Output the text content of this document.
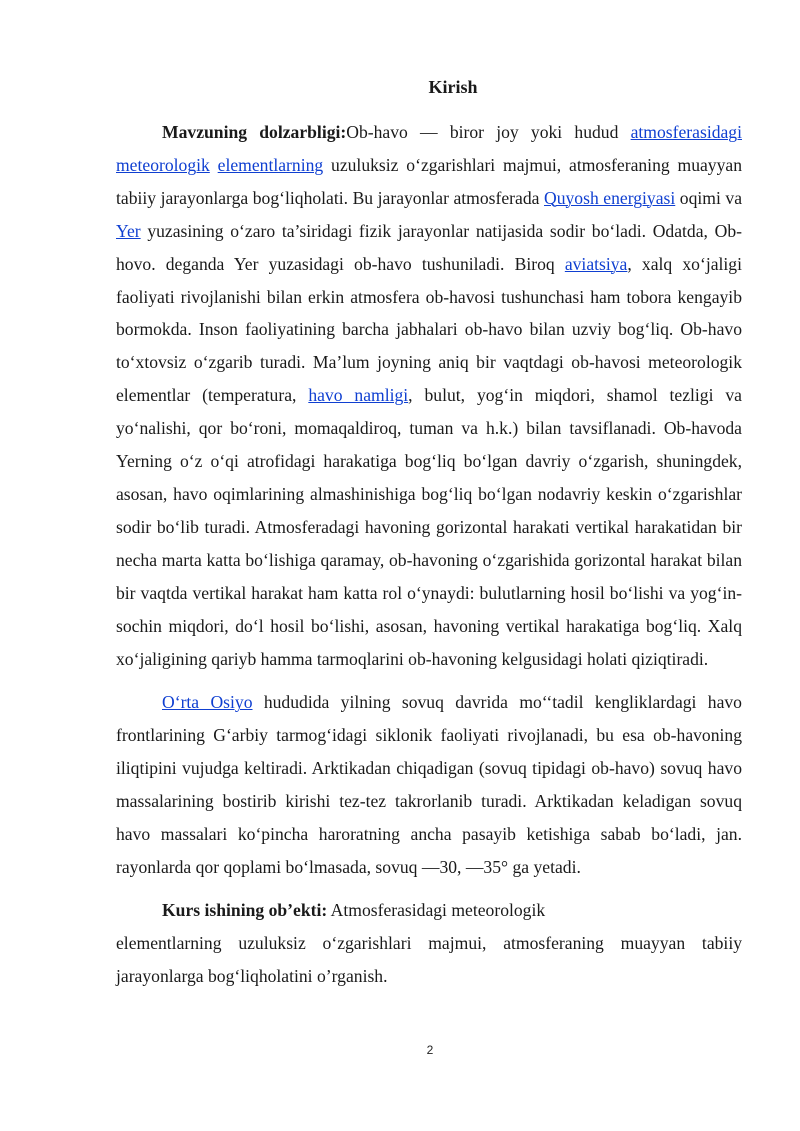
Kirish

Mavzuning dolzarbligi:Ob-havo — biror joy yoki hudud atmosferasidagi meteorologik elementlarning uzuluksiz o‘zgarishlari majmui, atmosferaning muayyan tabiiy jarayonlarga bog‘liqholati. Bu jarayonlar atmosferada Quyosh energiyasi oqimi va Yer yuzasining o‘zaro ta’siridagi fizik jarayonlar natijasida sodir bo‘ladi. Odatda, Ob-hovo. deganda Yer yuzasidagi ob-havo tushuniladi. Biroq aviatsiya, xalq xo‘jaligi faoliyati rivojlanishi bilan erkin atmosfera ob-havosi tushunchasi ham tobora kengayib bormokda. Inson faoliyatining barcha jabhalari ob-havo bilan uzviy bog‘liq. Ob-havo to‘xtovsiz o‘zgarib turadi. Ma’lum joyning aniq bir vaqtdagi ob-havosi meteorologik elementlar (temperatura, havo namligi, bulut, yog‘in miqdori, shamol tezligi va yo‘nalishi, qor bo‘roni, momaqaldiroq, tuman va h.k.) bilan tavsiflanadi. Ob-havoda Yerning o‘z o‘qi atrofidagi harakatiga bog‘liq bo‘lgan davriy o‘zgarish, shuningdek, asosan, havo oqimlarining almashinishiga bog‘liq bo‘lgan nodavriy keskin o‘zgarishlar sodir bo‘lib turadi. Atmosferadagi havoning gorizontal harakati vertikal harakatidan bir necha marta katta bo‘lishiga qaramay, ob-havoning o‘zgarishida gorizontal harakat bilan bir vaqtda vertikal harakat ham katta rol o‘ynaydi: bulutlarning hosil bo‘lishi va yog‘in-sochin miqdori, do‘l hosil bo‘lishi, asosan, havoning vertikal harakatiga bog‘liq. Xalq xo‘jaligining qariyb hamma tarmoqlarini ob-havoning kelgusidagi holati qiziqtiradi.

O‘rta Osiyo hududida yilning sovuq davrida mo‘‘tadil kengliklardagi havo frontlarining G‘arbiy tarmog‘idagi siklonik faoliyati rivojlanadi, bu esa ob-havoning iliqtipini vujudga keltiradi. Arktikadan chiqadigan (sovuq tipidagi ob-havo) sovuq havo massalarining bostirib kirishi tez-tez takrorlanib turadi. Arktikadan keladigan sovuq havo massalari ko‘pincha haroratning ancha pasayib ketishiga sabab bo‘ladi, jan. rayonlarda qor qoplami bo‘lmasada, sovuq —30, —35° ga yetadi.

Kurs ishining ob’ekti: Atmosferasidagi meteorologik
elementlarning uzuluksiz o‘zgarishlari majmui, atmosferaning muayyan tabiiy jarayonlarga bog‘liqholatini o’rganish.

2
